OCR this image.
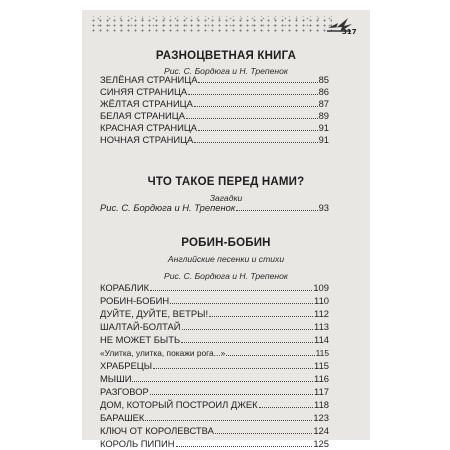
317
РАЗНОЦВЕТНАЯ КНИГА
Рис. С. Бордюга и Н. Трепенок
ЗЕЛЁНАЯ СТРАНИЦА	85
СИНЯЯ СТРАНИЦА	86
ЖЁЛТАЯ СТРАНИЦА	87
БЕЛАЯ СТРАНИЦА	89
КРАСНАЯ СТРАНИЦА	91
НОЧНАЯ СТРАНИЦА	91
ЧТО ТАКОЕ ПЕРЕД НАМИ?
Загадки
Рис. С. Бордюга и Н. Трепенок	93
РОБИН-БОБИН
Английские песенки и стихи
Рис. С. Бордюга и Н. Трепенок
КОРАБЛИК	109
РОБИН-БОБИН	110
ДУЙТЕ, ДУЙТЕ, ВЕТРЫ!	112
ШАЛТАЙ-БОЛТАЙ	113
НЕ МОЖЕТ БЫТЬ	114
«Улитка, улитка, покажи рога...»	115
ХРАБРЕЦЫ	115
МЫШИ	116
РАЗГОВОР	117
ДОМ, КОТОРЫЙ ПОСТРОИЛ ДЖЕК	118
БАРАШЕК	123
КЛЮЧ ОТ КОРОЛЕВСТВА	124
КОРОЛЬ ПИПИН	125
